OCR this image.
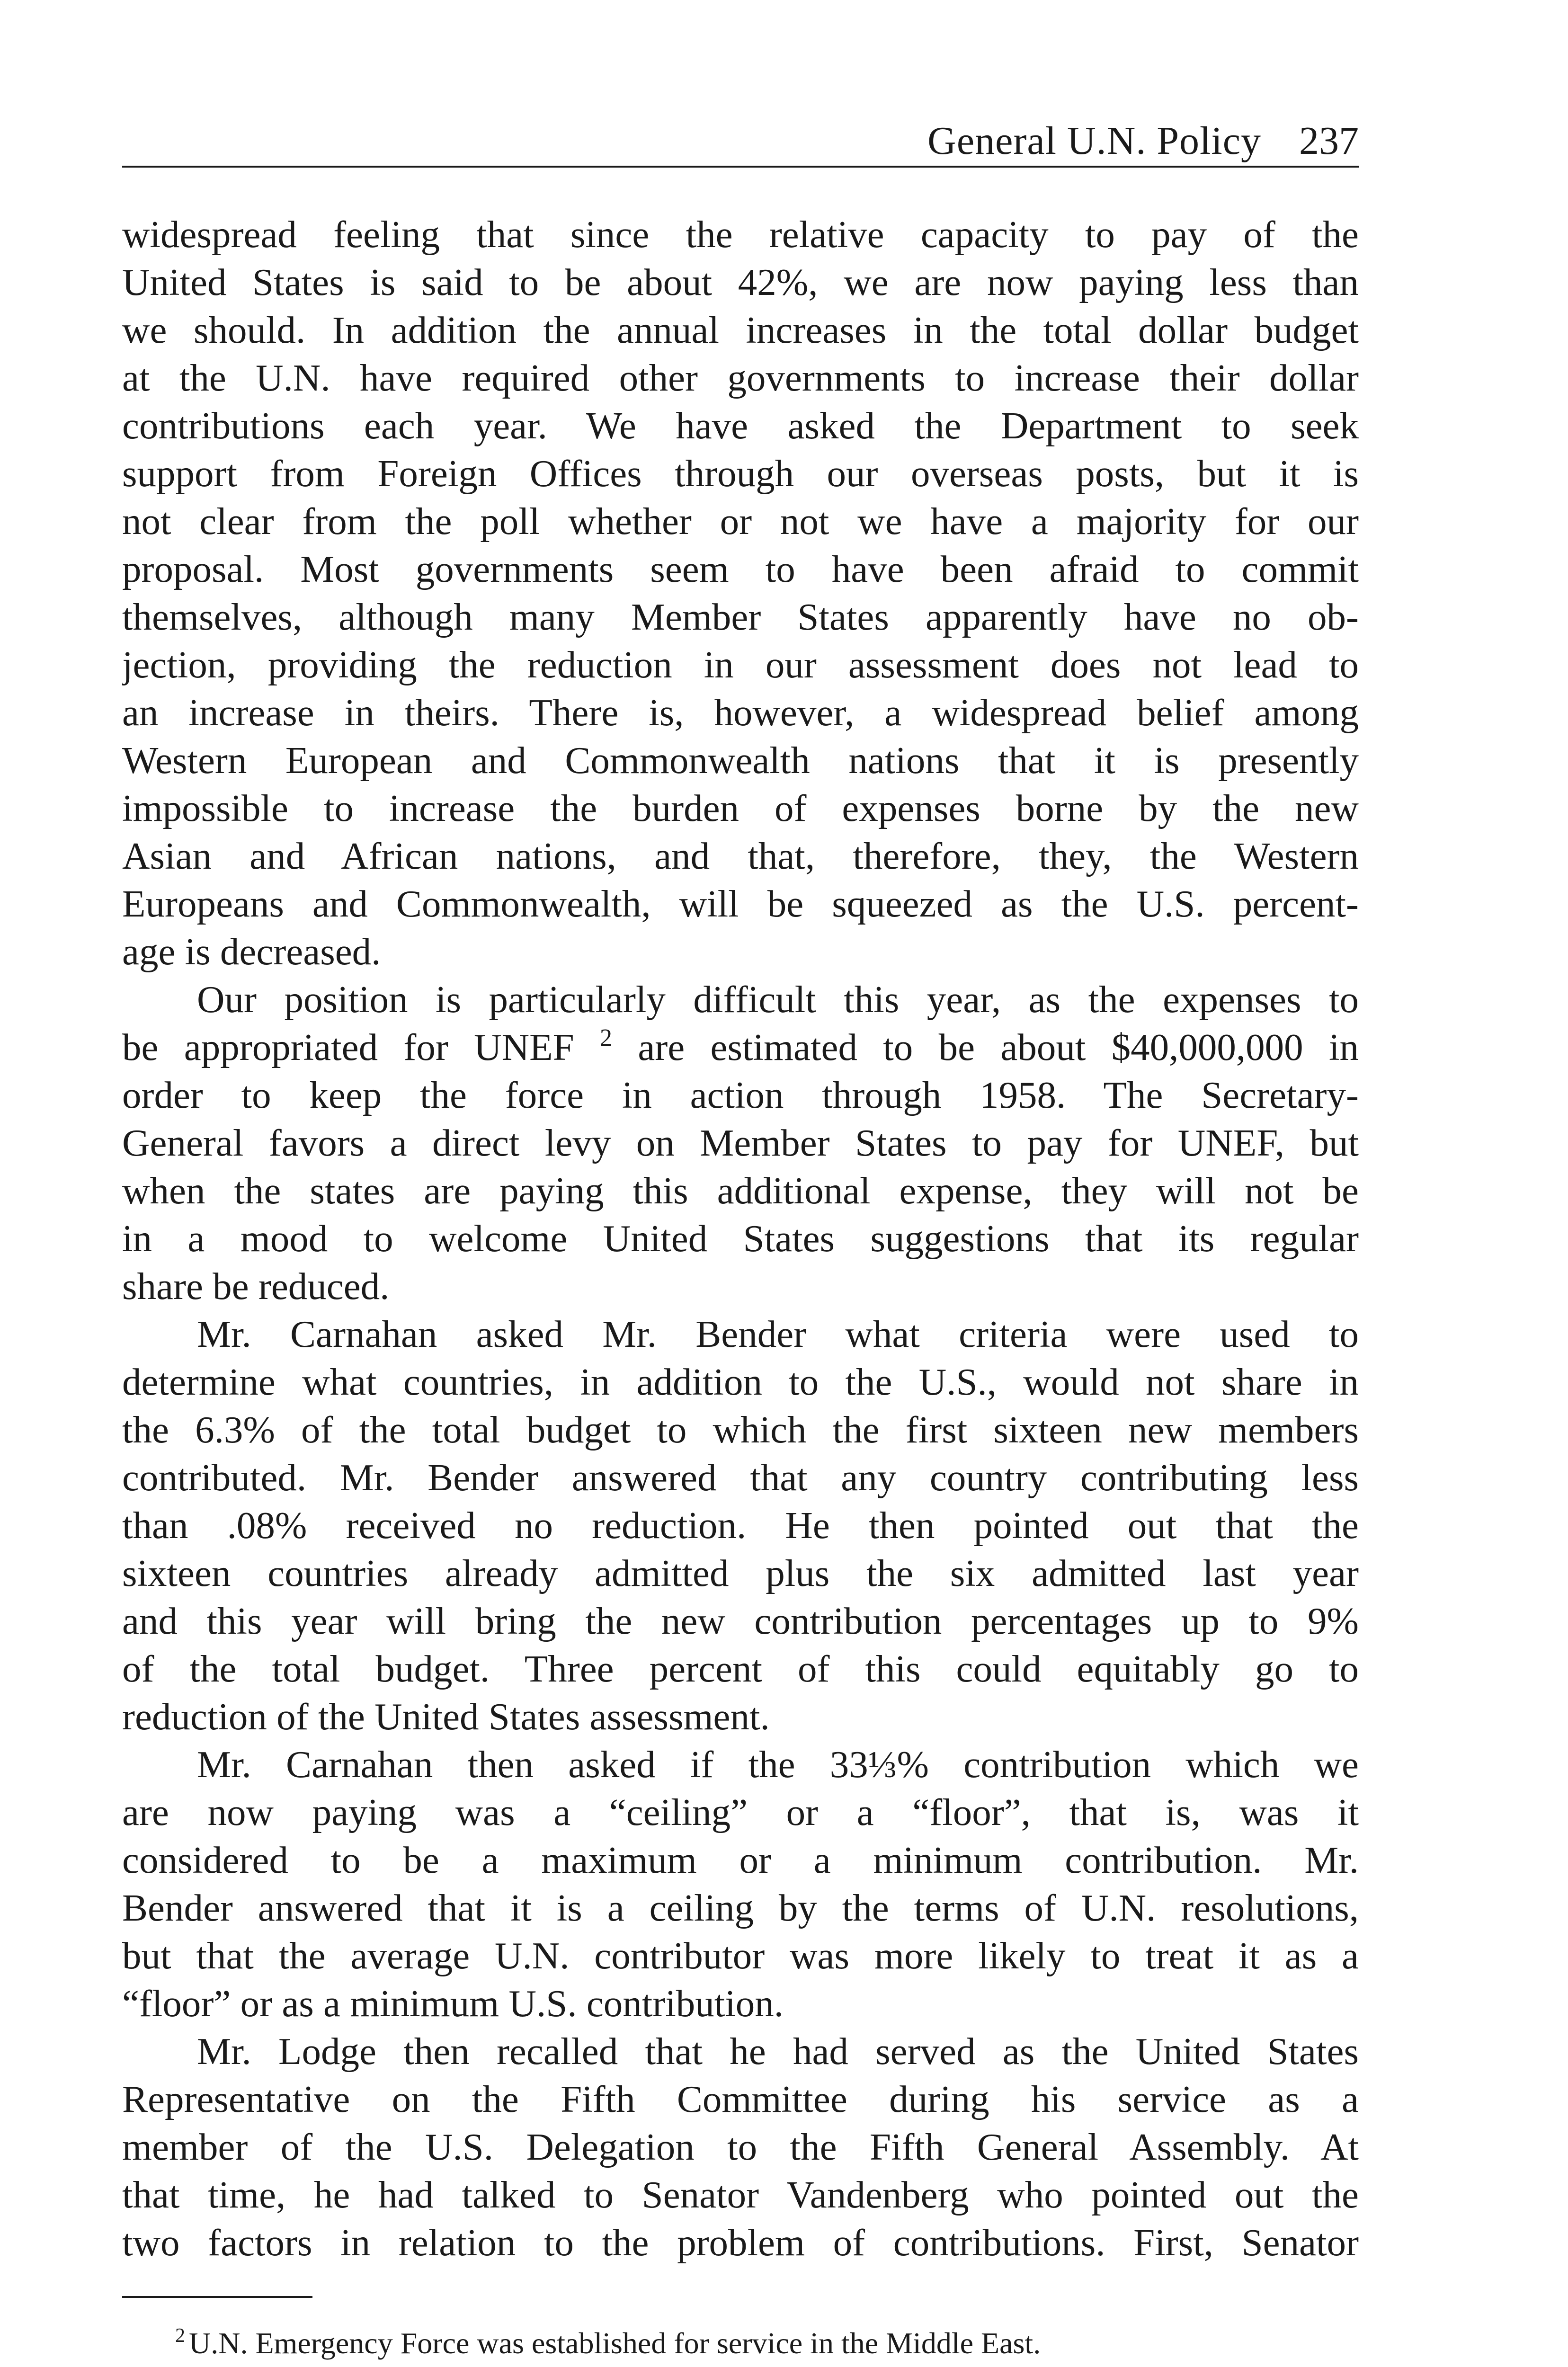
General U.N. Policy 237
widespread feeling that since the relative capacity to pay of the
United States is said to be about 42%, we are now paying less than
we should. In addition the annual increases in the total dollar budget
at the U.N. have required other governments to increase their dollar
contributions each year. We have asked the Department to seek
support from Foreign Offices through our overseas posts, but it is
not clear from the poll whether or not we have a majority for our
proposal. Most governments seem to have been afraid to commit
themselves, although many Member States apparently have no ob-
jection, providing the reduction in our assessment does not lead to
an increase in theirs. There is, however, a widespread belief among
Western European and Commonwealth nations that it is presently
impossible to increase the burden of expenses borne by the new
Asian and African nations, and that, therefore, they, the Western
Europeans and Commonwealth, will be squeezed as the U.S. percent-
age is decreased.
Our position is particularly difficult this year, as the expenses to
be appropriated for UNEF $^2$ are estimated to be about $40,000,000 in
order to keep the force in action through 1958. The Secretary-
General favors a direct levy on Member States to pay for UNEF, but
when the states are paying this additional expense, they will not be
in a mood to welcome United States suggestions that its regular
share be reduced.
Mr. Carnahan asked Mr. Bender what criteria were used to
determine what countries, in addition to the U.S., would not share in
the 6.3% of the total budget to which the first sixteen new members
contributed. Mr. Bender answered that any country contributing less
than .08% received no reduction. He then pointed out that the
sixteen countries already admitted plus the six admitted last year
and this year will bring the new contribution percentages up to 9%
of the total budget. Three percent of this could equitably go to
reduction of the United States assessment.
Mr. Carnahan then asked if the 33⅓% contribution which we
are now paying was a “ceiling” or a “floor”, that is, was it
considered to be a maximum or a minimum contribution. Mr.
Bender answered that it is a ceiling by the terms of U.N. resolutions,
but that the average U.N. contributor was more likely to treat it as a
“floor” or as a minimum U.S. contribution.
Mr. Lodge then recalled that he had served as the United States
Representative on the Fifth Committee during his service as a
member of the U.S. Delegation to the Fifth General Assembly. At
that time, he had talked to Senator Vandenberg who pointed out the
two factors in relation to the problem of contributions. First, Senator
$^2$ U.N. Emergency Force was established for service in the Middle East.
